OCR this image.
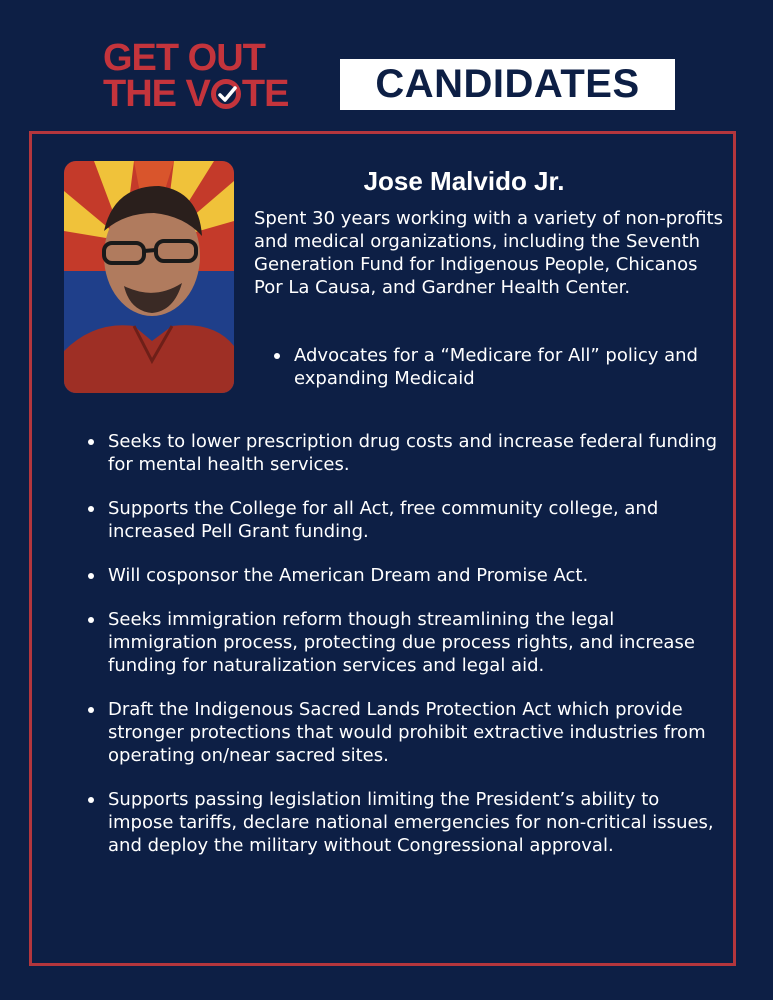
GET OUT
THE V TE	CANDIDATES
Jose Malvido Jr.

Spent 30 years working with a variety of non-profits and medical organizations, including the Seventh Generation Fund for Indigenous People, Chicanos Por La Causa, and Gardner Health Center.

Advocates for a “Medicare for All” policy and expanding Medicaid
Seeks to lower prescription drug costs and increase federal funding for mental health services.
Supports the College for all Act, free community college, and increased Pell Grant funding.
Will cosponsor the American Dream and Promise Act.
Seeks immigration reform though streamlining the legal immigration process, protecting due process rights, and increase funding for naturalization services and legal aid.
Draft the Indigenous Sacred Lands Protection Act which provide stronger protections that would prohibit extractive industries from operating on/near sacred sites.
Supports passing legislation limiting the President’s ability to impose tariffs, declare national emergencies for non-critical issues, and deploy the military without Congressional approval.
